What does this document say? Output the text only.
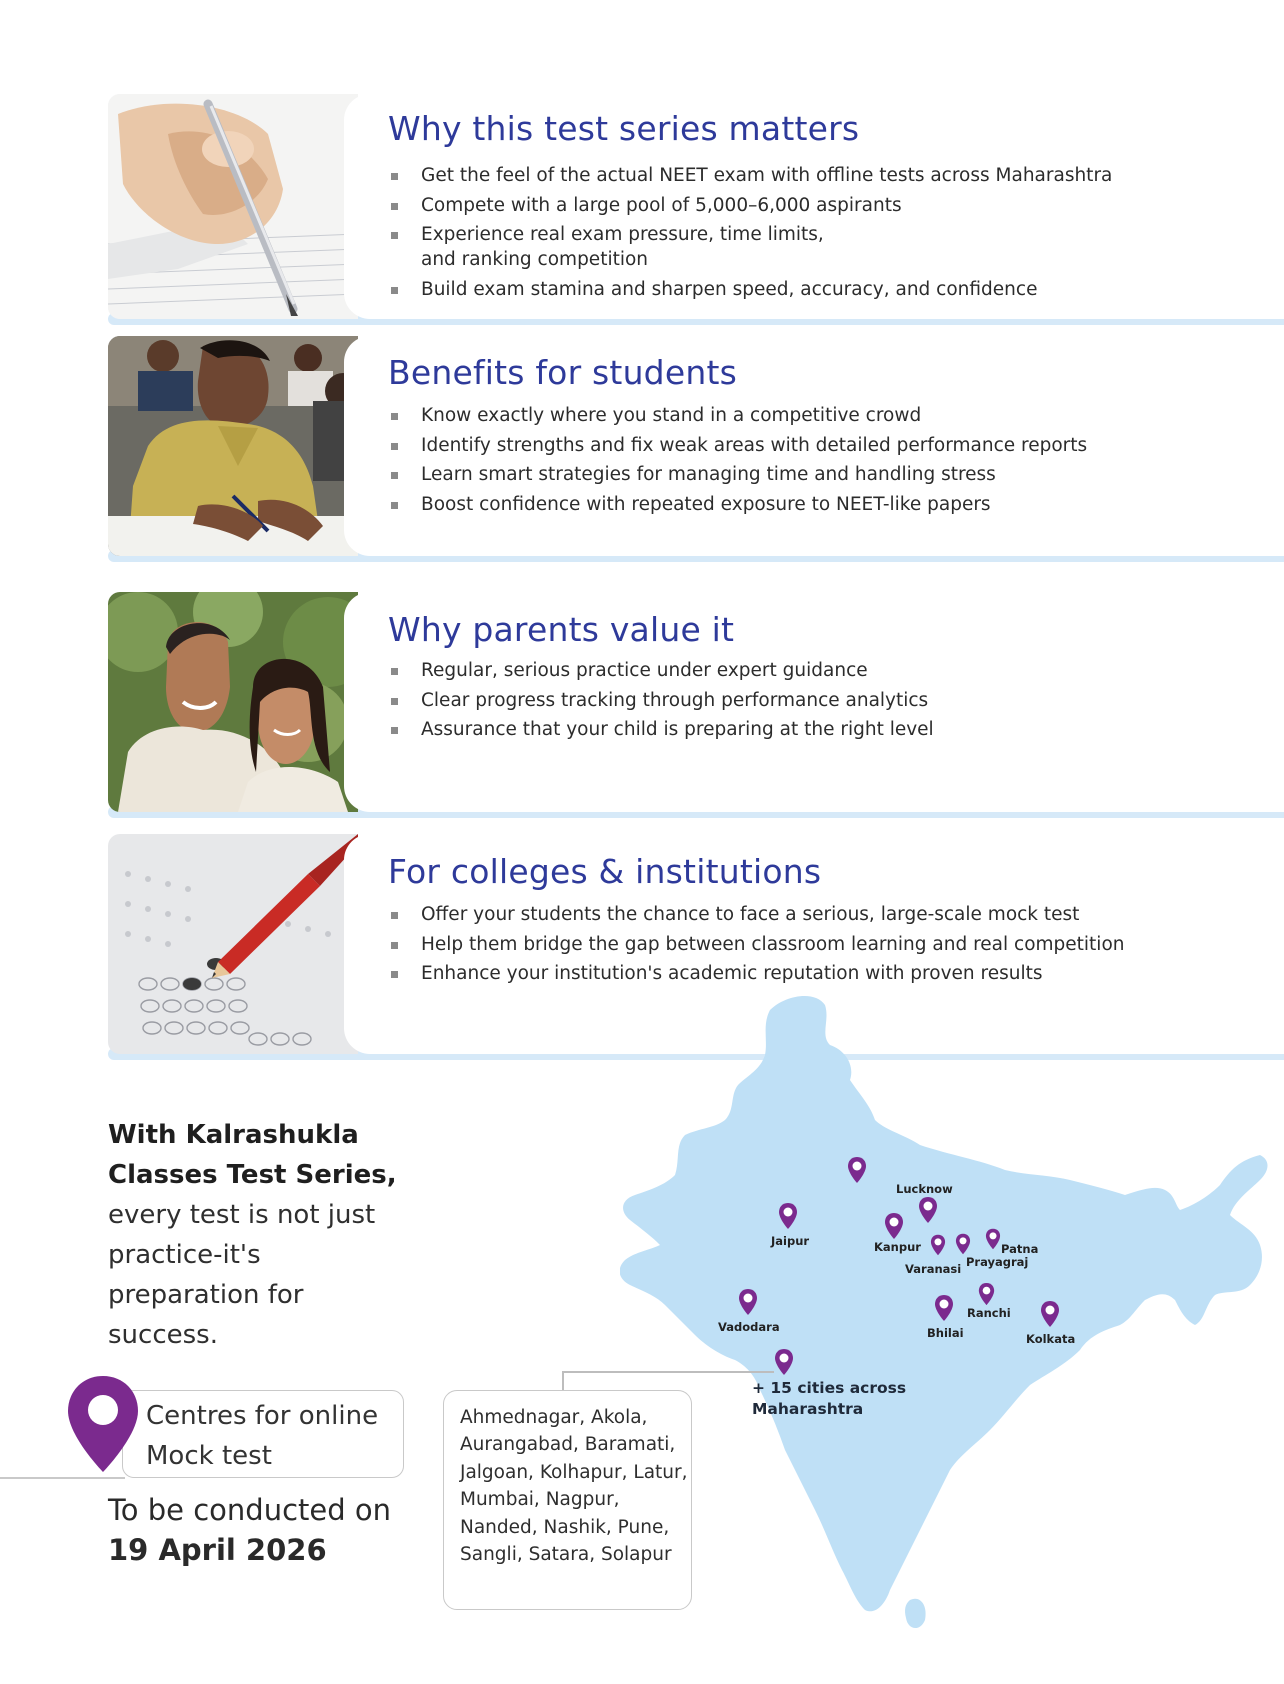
Why this test series matters
Get the feel of the actual NEET exam with offline tests across Maharashtra
Compete with a large pool of 5,000–6,000 aspirants
Experience real exam pressure, time limits,
and ranking competition
Build exam stamina and sharpen speed, accuracy, and confidence
Benefits for students
Know exactly where you stand in a competitive crowd
Identify strengths and fix weak areas with detailed performance reports
Learn smart strategies for managing time and handling stress
Boost confidence with repeated exposure to NEET-like papers
Why parents value it
Regular, serious practice under expert guidance
Clear progress tracking through performance analytics
Assurance that your child is preparing at the right level
For colleges & institutions
Offer your students the chance to face a serious, large-scale mock test
Help them bridge the gap between classroom learning and real competition
Enhance your institution's academic reputation with proven results
Lucknow
Jaipur	Kanpur
Varanasi Prayagraj
Patna
Ranchi
Vadodara	Bhilai	Kolkata
+ 15 cities across Maharashtra
Ahmednagar, Akola, Aurangabad, Baramati, Jalgoan, Kolhapur, Latur, Mumbai, Nagpur, Nanded, Nashik, Pune, Sangli, Satara, Solapur
With Kalrashukla Classes Test Series, every test is not just practice-it's preparation for success.
Centres for online
Mock test
To be conducted on
19 April 2026
